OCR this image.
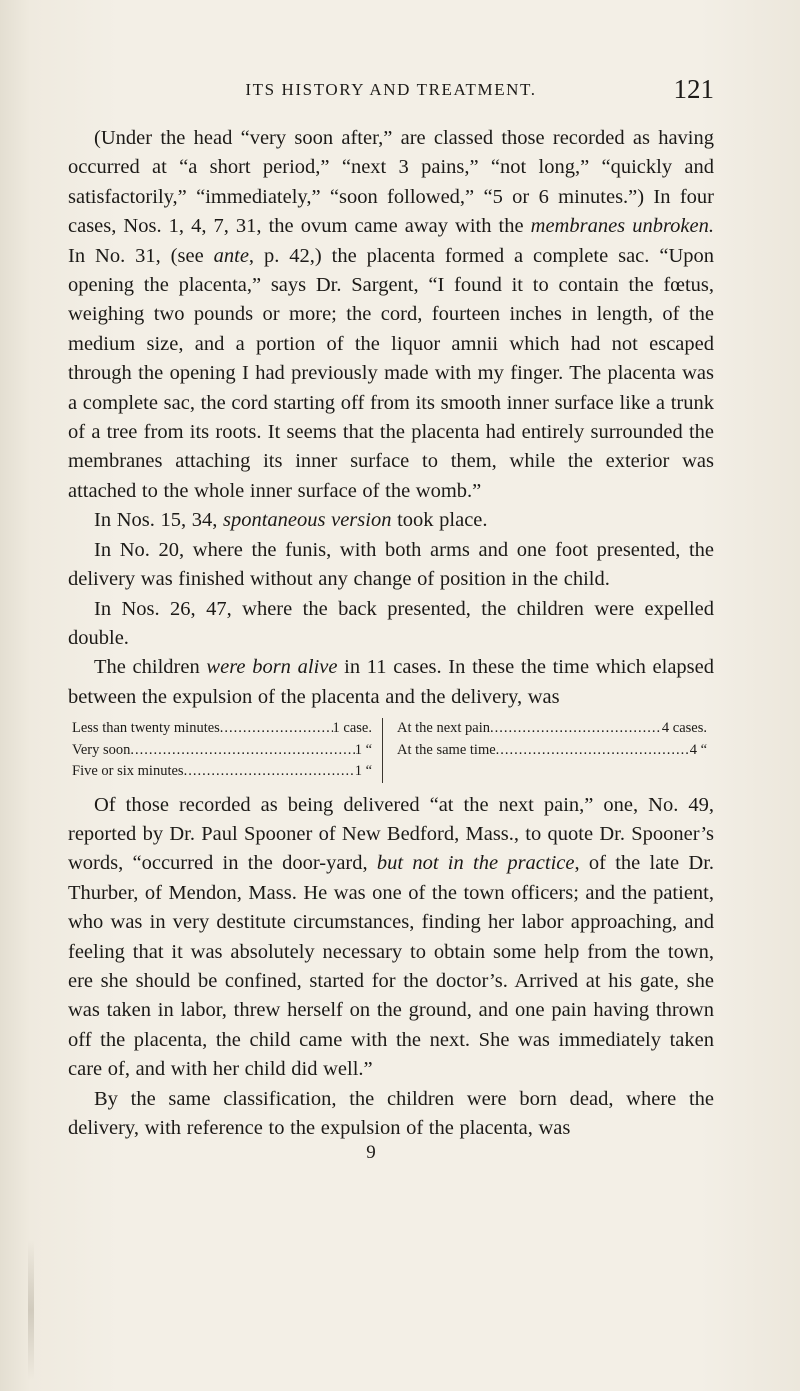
ITS HISTORY AND TREATMENT.	121

(Under the head “very soon after,” are classed those recorded as having occurred at “a short period,” “next 3 pains,” “not long,” “quickly and satisfactorily,” “immediately,” “soon followed,” “5 or 6 minutes.”) In four cases, Nos. 1, 4, 7, 31, the ovum came away with the membranes unbroken. In No. 31, (see ante, p. 42,) the placenta formed a complete sac. “Upon opening the placenta,” says Dr. Sargent, “I found it to contain the fœtus, weighing two pounds or more; the cord, fourteen inches in length, of the medium size, and a portion of the liquor amnii which had not escaped through the opening I had previously made with my finger. The placenta was a complete sac, the cord starting off from its smooth inner surface like a trunk of a tree from its roots. It seems that the placenta had entirely surrounded the membranes attaching its inner surface to them, while the exterior was attached to the whole inner surface of the womb.”

In Nos. 15, 34, spontaneous version took place.

In No. 20, where the funis, with both arms and one foot presented, the delivery was finished without any change of position in the child.

In Nos. 26, 47, where the back presented, the children were expelled double.

The children were born alive in 11 cases. In these the time which elapsed between the expulsion of the placenta and the delivery, was

Less than twenty minutes .....	1 case.
Very soon .....	1 “
Five or six minutes .....	1 “
At the next pain .....	4 cases.
At the same time .....	4 “

Of those recorded as being delivered “at the next pain,” one, No. 49, reported by Dr. Paul Spooner of New Bedford, Mass., to quote Dr. Spooner’s words, “occurred in the door-yard, but not in the practice, of the late Dr. Thurber, of Mendon, Mass. He was one of the town officers; and the patient, who was in very destitute circumstances, finding her labor approaching, and feeling that it was absolutely necessary to obtain some help from the town, ere she should be confined, started for the doctor’s. Arrived at his gate, she was taken in labor, threw herself on the ground, and one pain having thrown off the placenta, the child came with the next. She was immediately taken care of, and with her child did well.”

By the same classification, the children were born dead, where the delivery, with reference to the expulsion of the placenta, was

9
